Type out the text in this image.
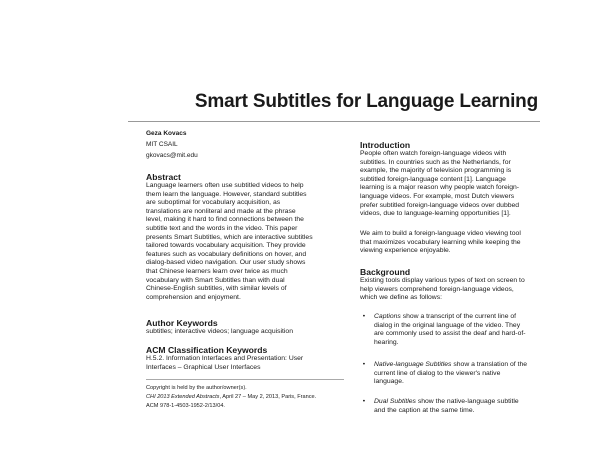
Smart Subtitles for Language Learning
Geza Kovacs
MIT CSAIL
gkovacs@mit.edu
Abstract
Language learners often use subtitled videos to help
them learn the language. However, standard subtitles
are suboptimal for vocabulary acquisition, as
translations are nonliteral and made at the phrase
level, making it hard to find connections between the
subtitle text and the words in the video. This paper
presents Smart Subtitles, which are interactive subtitles
tailored towards vocabulary acquisition. They provide
features such as vocabulary definitions on hover, and
dialog-based video navigation. Our user study shows
that Chinese learners learn over twice as much
vocabulary with Smart Subtitles than with dual
Chinese-English subtitles, with similar levels of
comprehension and enjoyment.
Author Keywords
subtitles; interactive videos; language acquisition
ACM Classification Keywords
H.5.2. Information Interfaces and Presentation: User
Interfaces – Graphical User Interfaces
Copyright is held by the author/owner(s).
CHI 2013 Extended Abstracts, April 27 – May 2, 2013, Paris, France.
ACM 978-1-4503-1952-2/13/04.
Introduction
People often watch foreign-language videos with
subtitles. In countries such as the Netherlands, for
example, the majority of television programming is
subtitled foreign-language content [1]. Language
learning is a major reason why people watch foreign-
language videos. For example, most Dutch viewers
prefer subtitled foreign-language videos over dubbed
videos, due to language-learning opportunities [1].
We aim to build a foreign-language video viewing tool
that maximizes vocabulary learning while keeping the
viewing experience enjoyable.
Background
Existing tools display various types of text on screen to
help viewers comprehend foreign-language videos,
which we define as follows:
•	Captions show a transcript of the current line of
dialog in the original language of the video. They
are commonly used to assist the deaf and hard-of-
hearing.
•	Native-language Subtitles show a translation of the
current line of dialog to the viewer's native
language.
•	Dual Subtitles show the native-language subtitle
and the caption at the same time.
